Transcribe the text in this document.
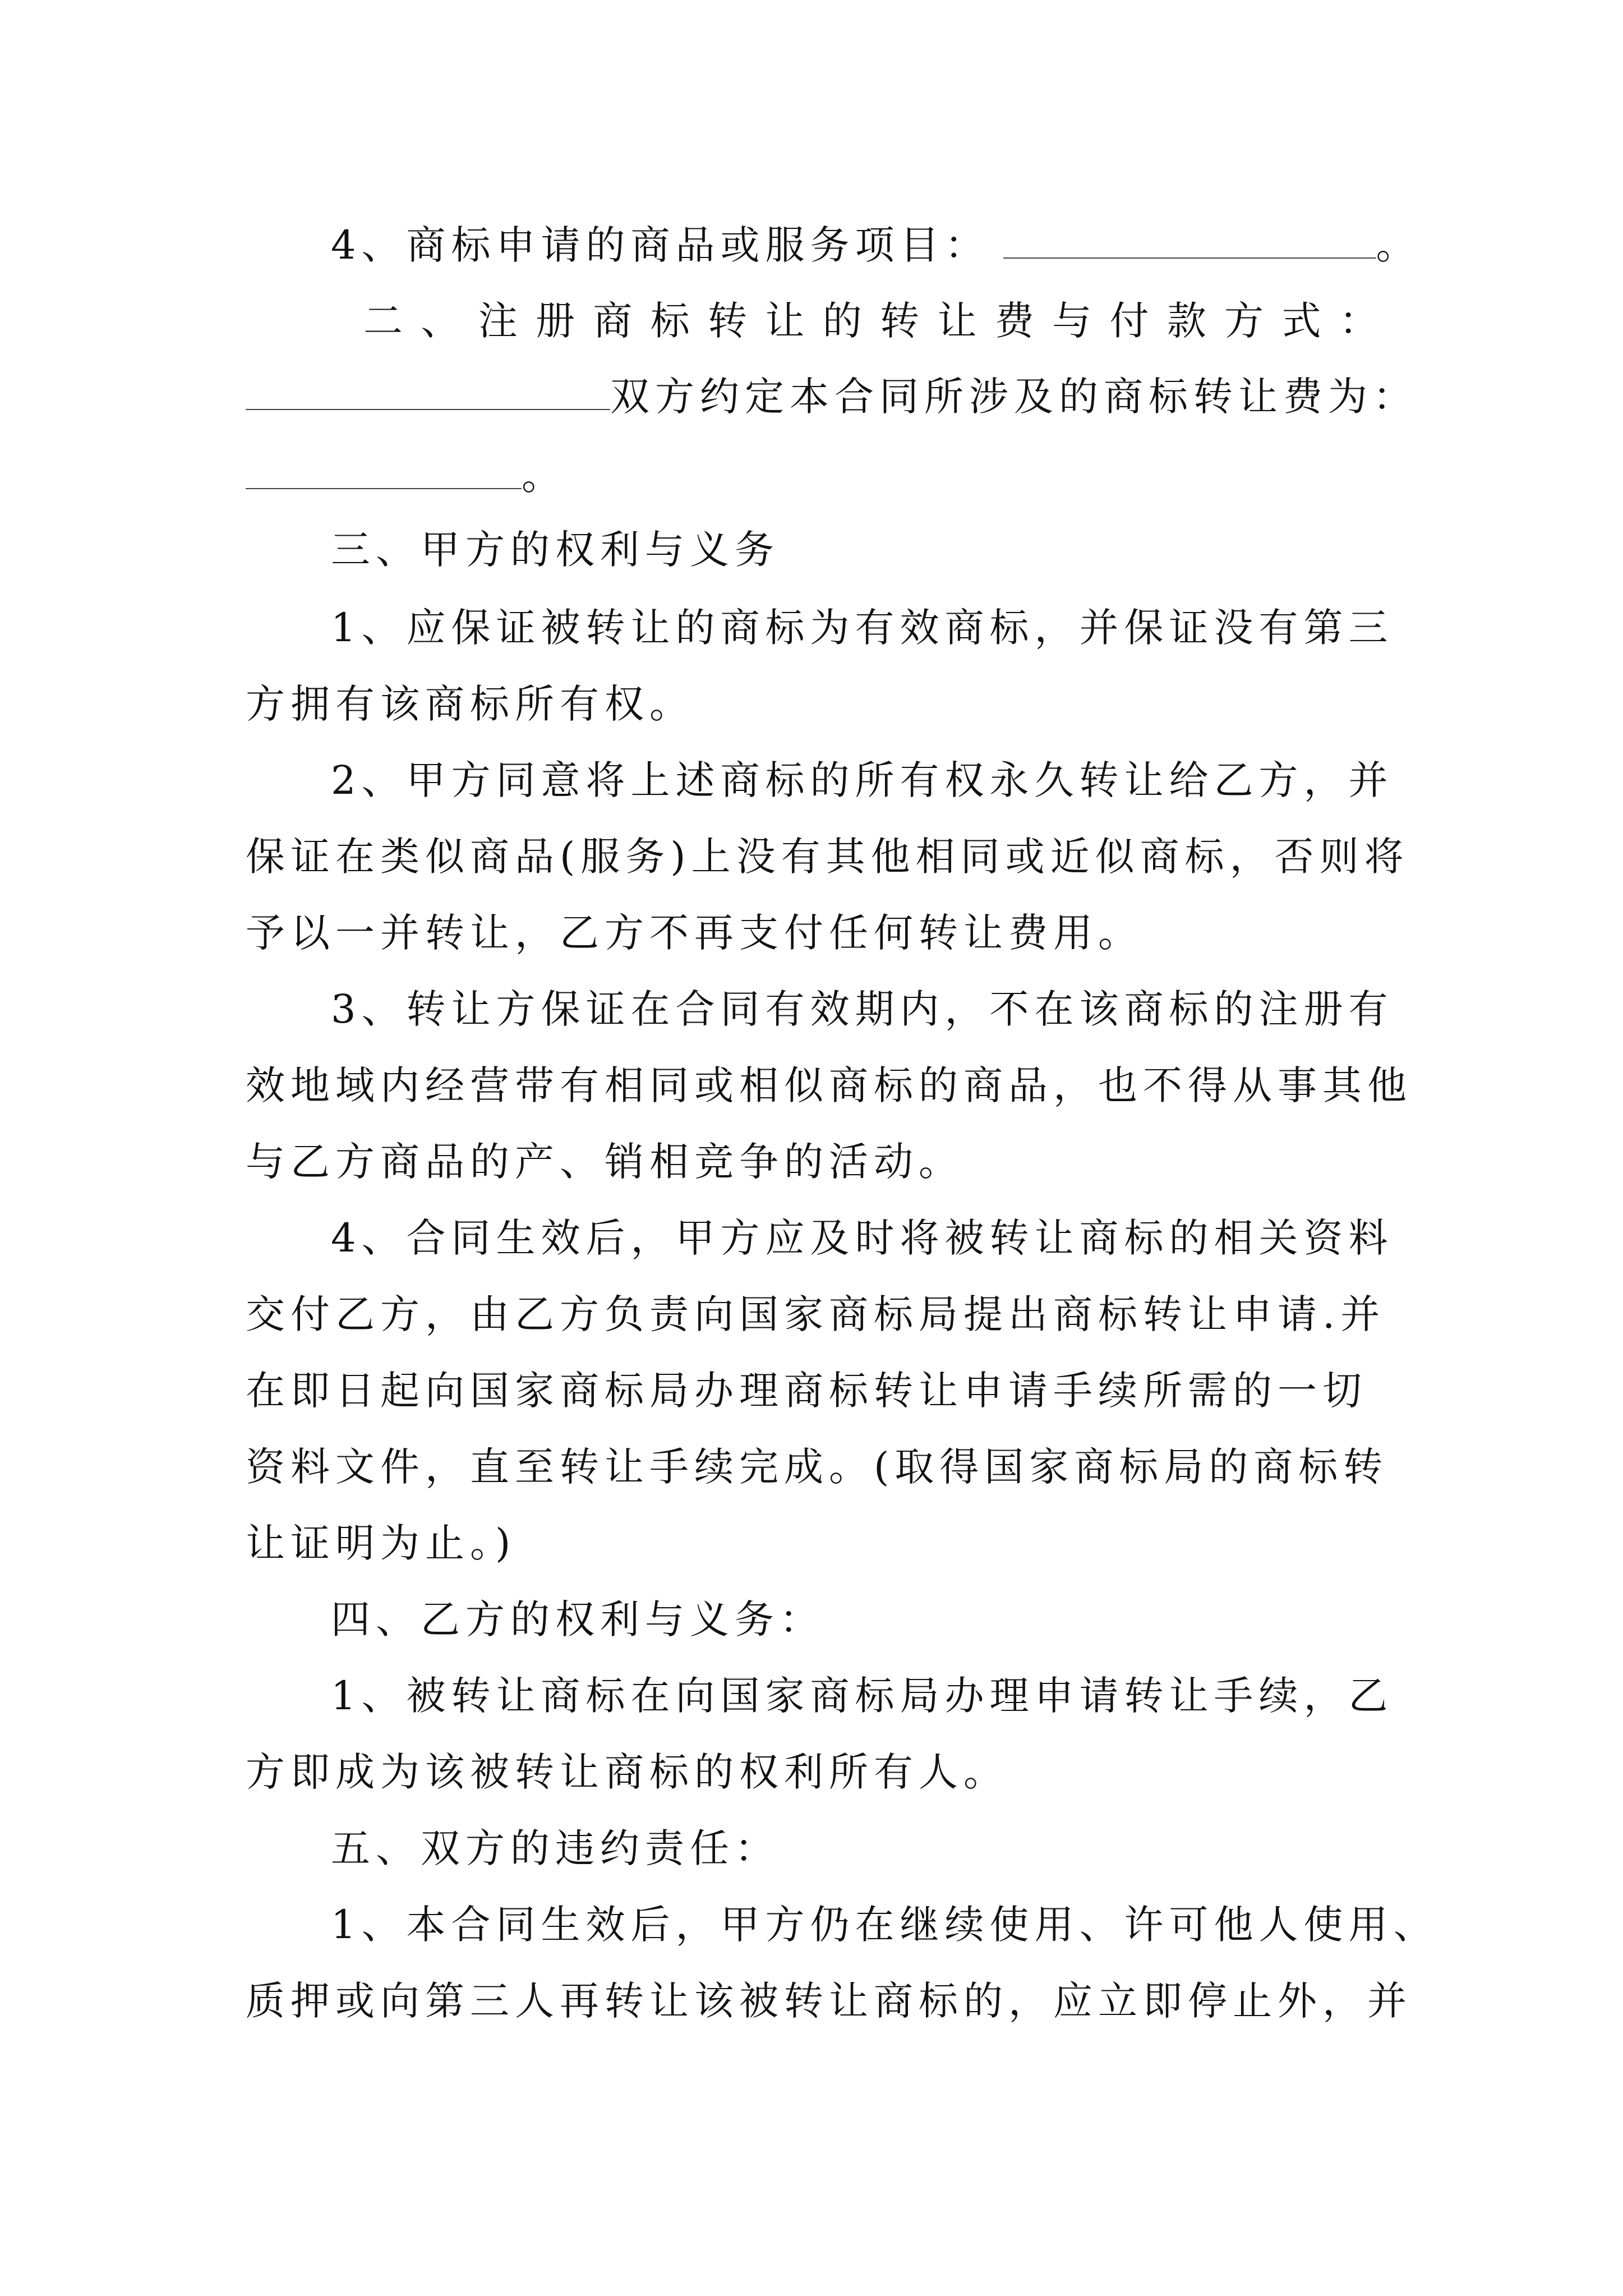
4、商标申请的商品或服务项目：	。
二 、 注 册 商 标 转 让 的 转 让 费 与 付 款 方 式 ：
双方约定本合同所涉及的商标转让费为：
。
三、甲方的权利与义务
1、应保证被转让的商标为有效商标，并保证没有第三
方拥有该商标所有权。
2、甲方同意将上述商标的所有权永久转让给乙方，并
保证在类似商品(服务)上没有其他相同或近似商标，否则将
予以一并转让，乙方不再支付任何转让费用。
3、转让方保证在合同有效期内，不在该商标的注册有
效地域内经营带有相同或相似商标的商品，也不得从事其他
与乙方商品的产、销相竞争的活动。
4、合同生效后，甲方应及时将被转让商标的相关资料
交付乙方，由乙方负责向国家商标局提出商标转让申请.并
在即日起向国家商标局办理商标转让申请手续所需的一切
资料文件，直至转让手续完成。(取得国家商标局的商标转
让证明为止。)
四、乙方的权利与义务：
1、被转让商标在向国家商标局办理申请转让手续，乙
方即成为该被转让商标的权利所有人。
五、双方的违约责任：
1、本合同生效后，甲方仍在继续使用、许可他人使用、
质押或向第三人再转让该被转让商标的，应立即停止外，并
